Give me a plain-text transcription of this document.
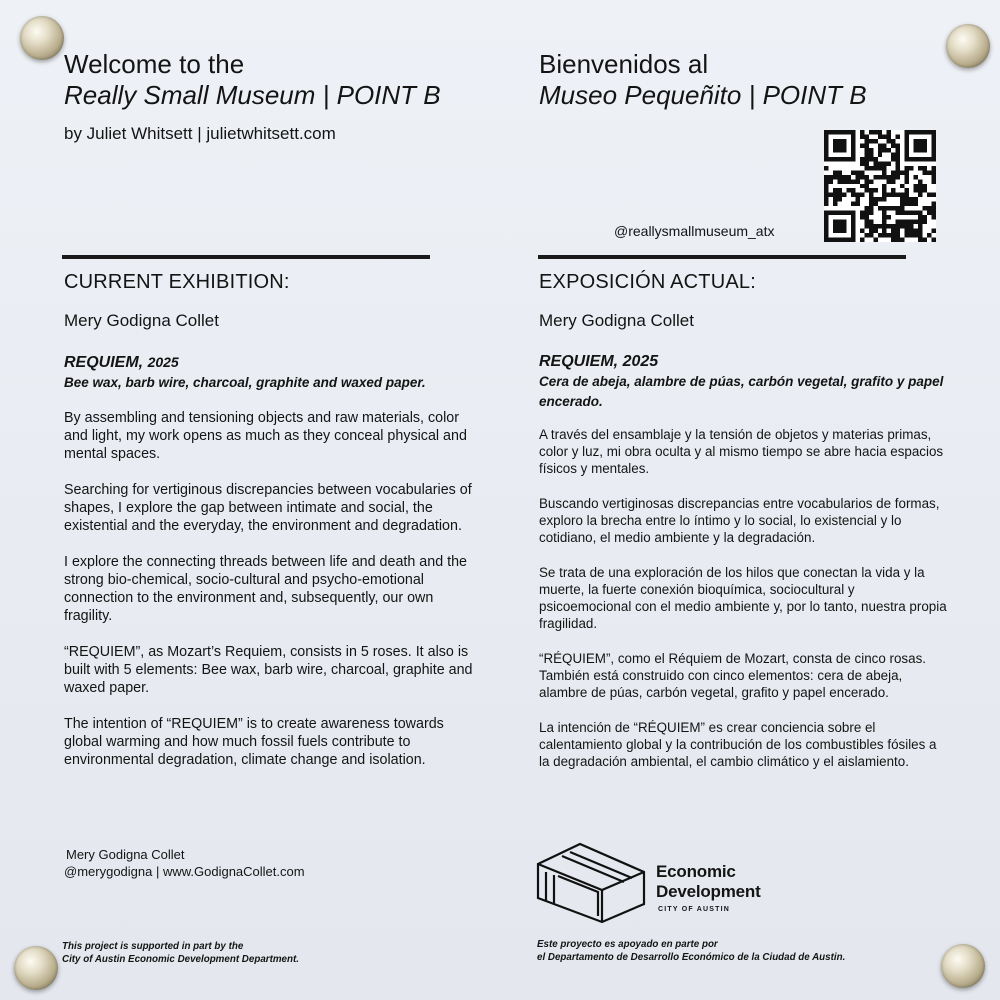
Welcome to the
Really Small Museum | POINT B
by Juliet Whitsett | julietwhitsett.com
Bienvenidos al
Museo Pequeñito | POINT B
@reallysmallmuseum_atx
CURRENT EXHIBITION:	EXPOSICIÓN ACTUAL:
Mery Godigna Collet	Mery Godigna Collet
REQUIEM, 2025
Bee wax, barb wire, charcoal, graphite and waxed paper.
By assembling and tensioning objects and raw materials, color and light, my work opens as much as they conceal physical and mental spaces.
Searching for vertiginous discrepancies between vocabularies of shapes, I explore the gap between intimate and social, the existential and the everyday, the environment and degradation.
I explore the connecting threads between life and death and the strong bio-chemical, socio-cultural and psycho-emotional connection to the environment and, subsequently, our own fragility.
“REQUIEM”, as Mozart’s Requiem, consists in 5 roses. It also is built with 5 elements: Bee wax, barb wire, charcoal, graphite and waxed paper.
The intention of “REQUIEM” is to create awareness towards global warming and how much fossil fuels contribute to environmental degradation, climate change and isolation.
REQUIEM, 2025
Cera de abeja, alambre de púas, carbón vegetal, grafito y papel encerado.
A través del ensamblaje y la tensión de objetos y materias primas, color y luz, mi obra oculta y al mismo tiempo se abre hacia espacios físicos y mentales.
Buscando vertiginosas discrepancias entre vocabularios de formas, exploro la brecha entre lo íntimo y lo social, lo existencial y lo cotidiano, el medio ambiente y la degradación.
Se trata de una exploración de los hilos que conectan la vida y la muerte, la fuerte conexión bioquímica, sociocultural y psicoemocional con el medio ambiente y, por lo tanto, nuestra propia fragilidad.
“RÉQUIEM”, como el Réquiem de Mozart, consta de cinco rosas. También está construido con cinco elementos: cera de abeja, alambre de púas, carbón vegetal, grafito y papel encerado.
La intención de “RÉQUIEM” es crear conciencia sobre el calentamiento global y la contribución de los combustibles fósiles a la degradación ambiental, el cambio climático y el aislamiento.
Mery Godigna Collet
@merygodigna | www.GodignaCollet.com
This project is supported in part by the
City of Austin Economic Development Department.
Este proyecto es apoyado en parte por
el Departamento de Desarrollo Económico de la Ciudad de Austin.
Economic
Development
CITY OF AUSTIN
